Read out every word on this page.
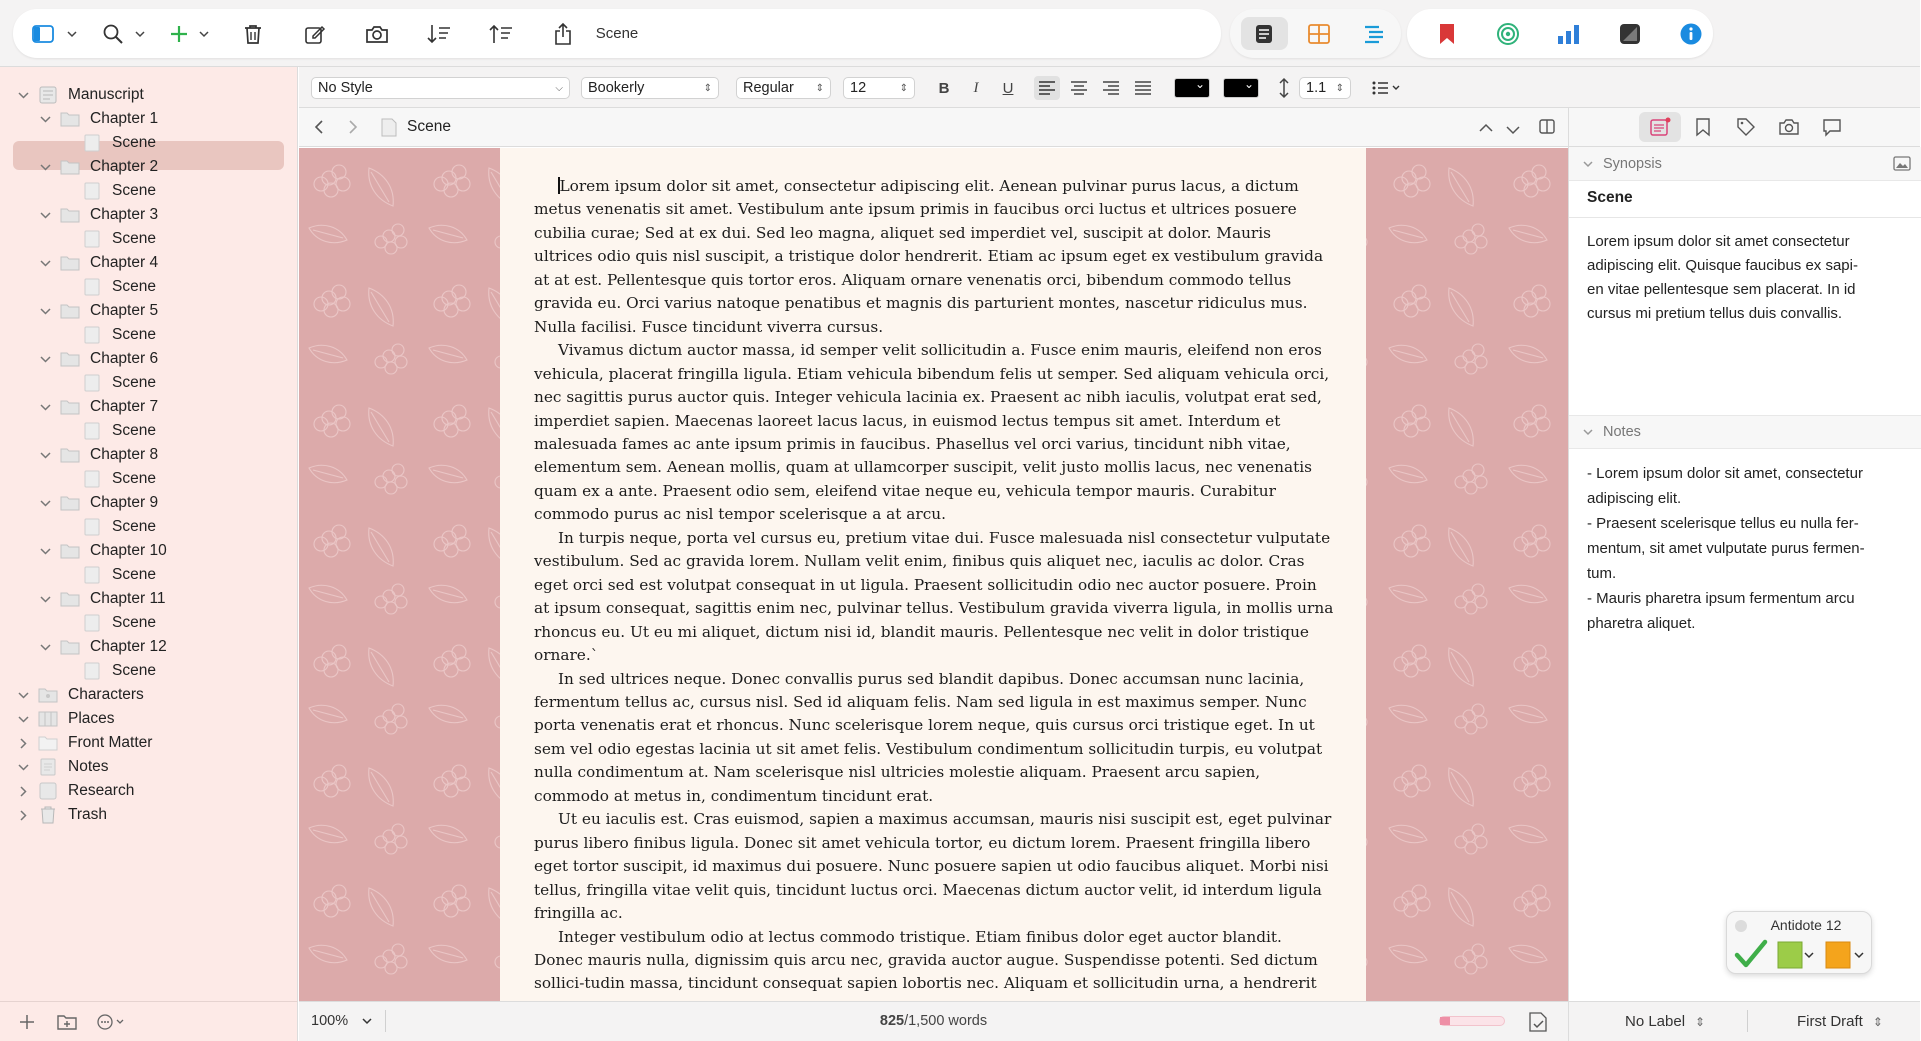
Scene
Manuscript
Chapter 1
Scene
Chapter 2
Scene
Chapter 3
Scene
Chapter 4
Scene
Chapter 5
Scene
Chapter 6
Scene
Chapter 7
Scene
Chapter 8
Scene
Chapter 9
Scene
Chapter 10
Scene
Chapter 11
Scene
Chapter 12
Scene
Characters
Places
Front Matter
Notes
Research
Trash
No Style	⌵ Bookerly	⇕ Regular	⇕ 12	⇕ B I U ⌄ ⌄	1.1 ⇕
Scene

Lorem ipsum dolor sit amet, consectetur adipiscing elit. Aenean pulvinar purus lacus, a dictum metus venenatis sit amet. Vestibulum ante ipsum primis in faucibus orci luctus et ultrices posuere cubilia curae; Sed at ex dui. Sed leo magna, aliquet sed imperdiet vel, suscipit at dolor. Mauris ultrices odio quis nisl suscipit, a tristique dolor hendrerit. Etiam ac ipsum eget ex vestibulum gravida at at est. Pellentesque quis tortor eros. Aliquam ornare venenatis orci, bibendum commodo tellus gravida eu. Orci varius natoque penatibus et magnis dis parturient montes, nascetur ridiculus mus. Nulla facilisi. Fusce tincidunt viverra cursus.

Vivamus dictum auctor massa, id semper velit sollicitudin a. Fusce enim mauris, eleifend non eros vehicula, placerat fringilla ligula. Etiam vehicula bibendum felis ut semper. Sed aliquam vehicula orci, nec sagittis purus auctor quis. Integer vehicula lacinia ex. Praesent ac nibh iaculis, volutpat erat sed, imperdiet sapien. Maecenas laoreet lacus lacus, in euismod lectus tempus sit amet. Interdum et malesuada fames ac ante ipsum primis in faucibus. Phasellus vel orci varius, tincidunt nibh vitae, elementum sem. Aenean mollis, quam at ullamcorper suscipit, velit justo mollis lacus, nec venenatis quam ex a ante. Praesent odio sem, eleifend vitae neque eu, vehicula tempor mauris. Curabitur commodo purus ac nisl tempor scelerisque a at arcu.

In turpis neque, porta vel cursus eu, pretium vitae dui. Fusce malesuada nisl consectetur vulputate vestibulum. Sed ac gravida lorem. Nullam velit enim, finibus quis aliquet nec, iaculis ac dolor. Cras eget orci sed est volutpat consequat in ut ligula. Praesent sollicitudin odio nec auctor posuere. Proin at ipsum consequat, sagittis enim nec, pulvinar tellus. Vestibulum gravida viverra ligula, in mollis urna rhoncus eu. Ut eu mi aliquet, dictum nisi id, blandit mauris. Pellentesque nec velit in dolor tristique ornare.`

In sed ultrices neque. Donec convallis purus sed blandit dapibus. Donec accumsan nunc lacinia, fermentum tellus ac, cursus nisl. Sed id aliquam felis. Nam sed ligula in est maximus semper. Nunc porta venenatis erat et rhoncus. Nunc scelerisque lorem neque, quis cursus orci tristique eget. In ut sem vel odio egestas lacinia ut sit amet felis. Vestibulum condimentum sollicitudin turpis, eu volutpat nulla condimentum at. Nam scelerisque nisl ultricies molestie aliquam. Praesent arcu sapien, commodo at metus in, condimentum tincidunt erat.

Ut eu iaculis est. Cras euismod, sapien a maximus accumsan, mauris nisi suscipit est, eget pulvinar purus libero finibus ligula. Donec sit amet vehicula tortor, eu dictum lorem. Praesent fringilla libero eget tortor suscipit, id maximus dui posuere. Nunc posuere sapien ut odio faucibus aliquet. Morbi nisi tellus, fringilla vitae velit quis, tincidunt luctus orci. Maecenas dictum auctor velit, id interdum ligula fringilla ac.

Integer vestibulum odio at lectus commodo tristique. Etiam finibus dolor eget auctor blandit. Donec mauris nulla, dignissim quis arcu nec, gravida auctor augue. Suspendisse potenti. Sed dictum sollici-tudin massa, tincidunt consequat sapien lobortis nec. Aliquam et sollicitudin urna, a hendrerit

100%	825/1,500 words
Synopsis
Scene
Lorem ipsum dolor sit amet consectetur
adipiscing elit. Quisque faucibus ex sapi-
en vitae pellentesque sem placerat. In id
cursus mi pretium tellus duis convallis.
Notes
- Lorem ipsum dolor sit amet, consectetur
adipiscing elit.
- Praesent scelerisque tellus eu nulla fer-
mentum, sit amet vulputate purus fermen-
tum.
- Mauris pharetra ipsum fermentum arcu
pharetra aliquet.
No Label ⇕	First Draft ⇕
Antidote 12
